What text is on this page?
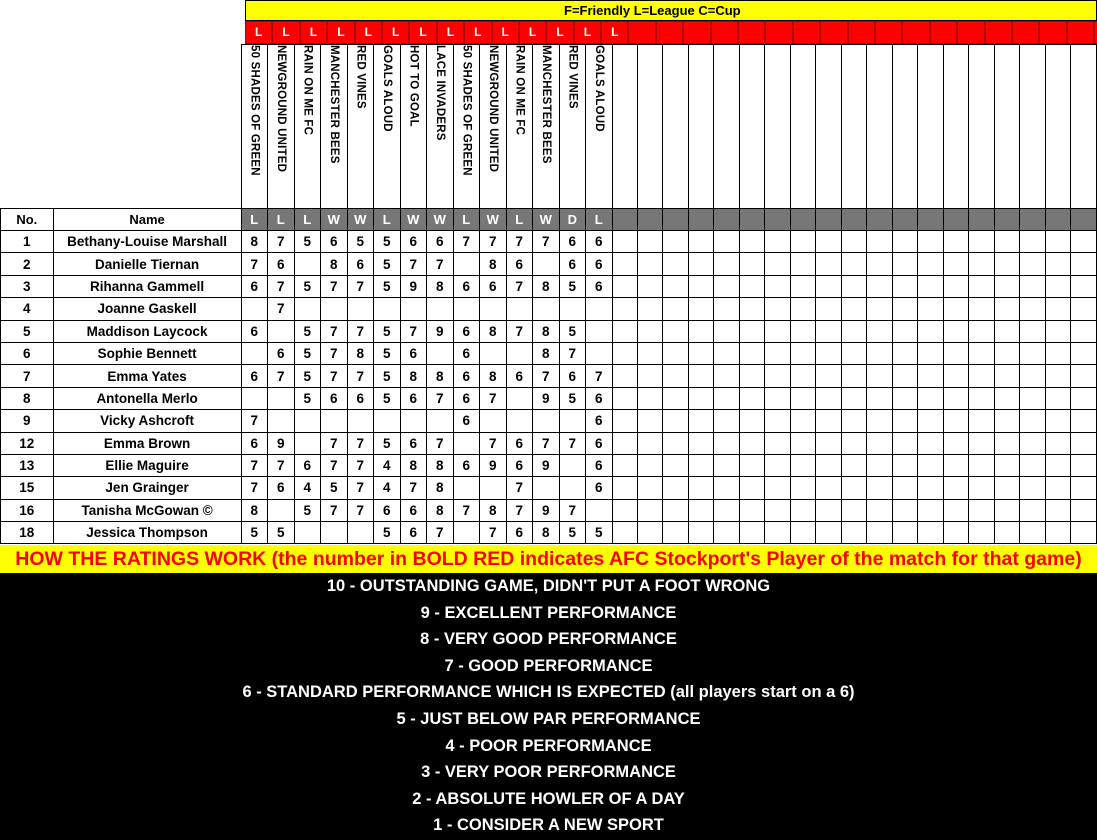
F=Friendly L=League C=Cup
L	L	L	L	L	L	L	L	L	L	L	L	L	L
		50 SHADES OF GREEN	NEWGROUND UNITED	RAIN ON ME FC	MANCHESTER BEES	RED VINES	GOALS ALOUD	HOT TO GOAL	LACE INVADERS	50 SHADES OF GREEN	NEWGROUND UNITED	RAIN ON ME FC	MANCHESTER BEES	RED VINES	GOALS ALOUD																			
No.	Name	L	L	L	W	W	L	W	W	L	W	L	W	D	L																			
1	Bethany-Louise Marshall	8	7	5	6	5	5	6	6	7	7	7	7	6	6																			
2	Danielle Tiernan	7	6		8	6	5	7	7		8	6		6	6																			
3	Rihanna Gammell	6	7	5	7	7	5	9	8	6	6	7	8	5	6																			
4	Joanne Gaskell		7																															
5	Maddison Laycock	6		5	7	7	5	7	9	6	8	7	8	5																				
6	Sophie Bennett		6	5	7	8	5	6		6			8	7																				
7	Emma Yates	6	7	5	7	7	5	8	8	6	8	6	7	6	7																			
8	Antonella Merlo			5	6	6	5	6	7	6	7		9	5	6																			
9	Vicky Ashcroft	7								6					6																			
12	Emma Brown	6	9		7	7	5	6	7		7	6	7	7	6																			
13	Ellie Maguire	7	7	6	7	7	4	8	8	6	9	6	9		6																			
15	Jen Grainger	7	6	4	5	7	4	7	8			7			6																			
16	Tanisha McGowan ©	8		5	7	7	6	6	8	7	8	7	9	7																				
18	Jessica Thompson	5	5				5	6	7		7	6	8	5	5																			
HOW THE RATINGS WORK (the number in BOLD RED indicates AFC Stockport's Player of the match for that game)
10 - OUTSTANDING GAME, DIDN'T PUT A FOOT WRONG
9 - EXCELLENT PERFORMANCE
8 - VERY GOOD PERFORMANCE
7 - GOOD PERFORMANCE
6 - STANDARD PERFORMANCE WHICH IS EXPECTED (all players start on a 6)
5 - JUST BELOW PAR PERFORMANCE
4 - POOR PERFORMANCE
3 - VERY POOR PERFORMANCE
2 - ABSOLUTE HOWLER OF A DAY
1 - CONSIDER A NEW SPORT
